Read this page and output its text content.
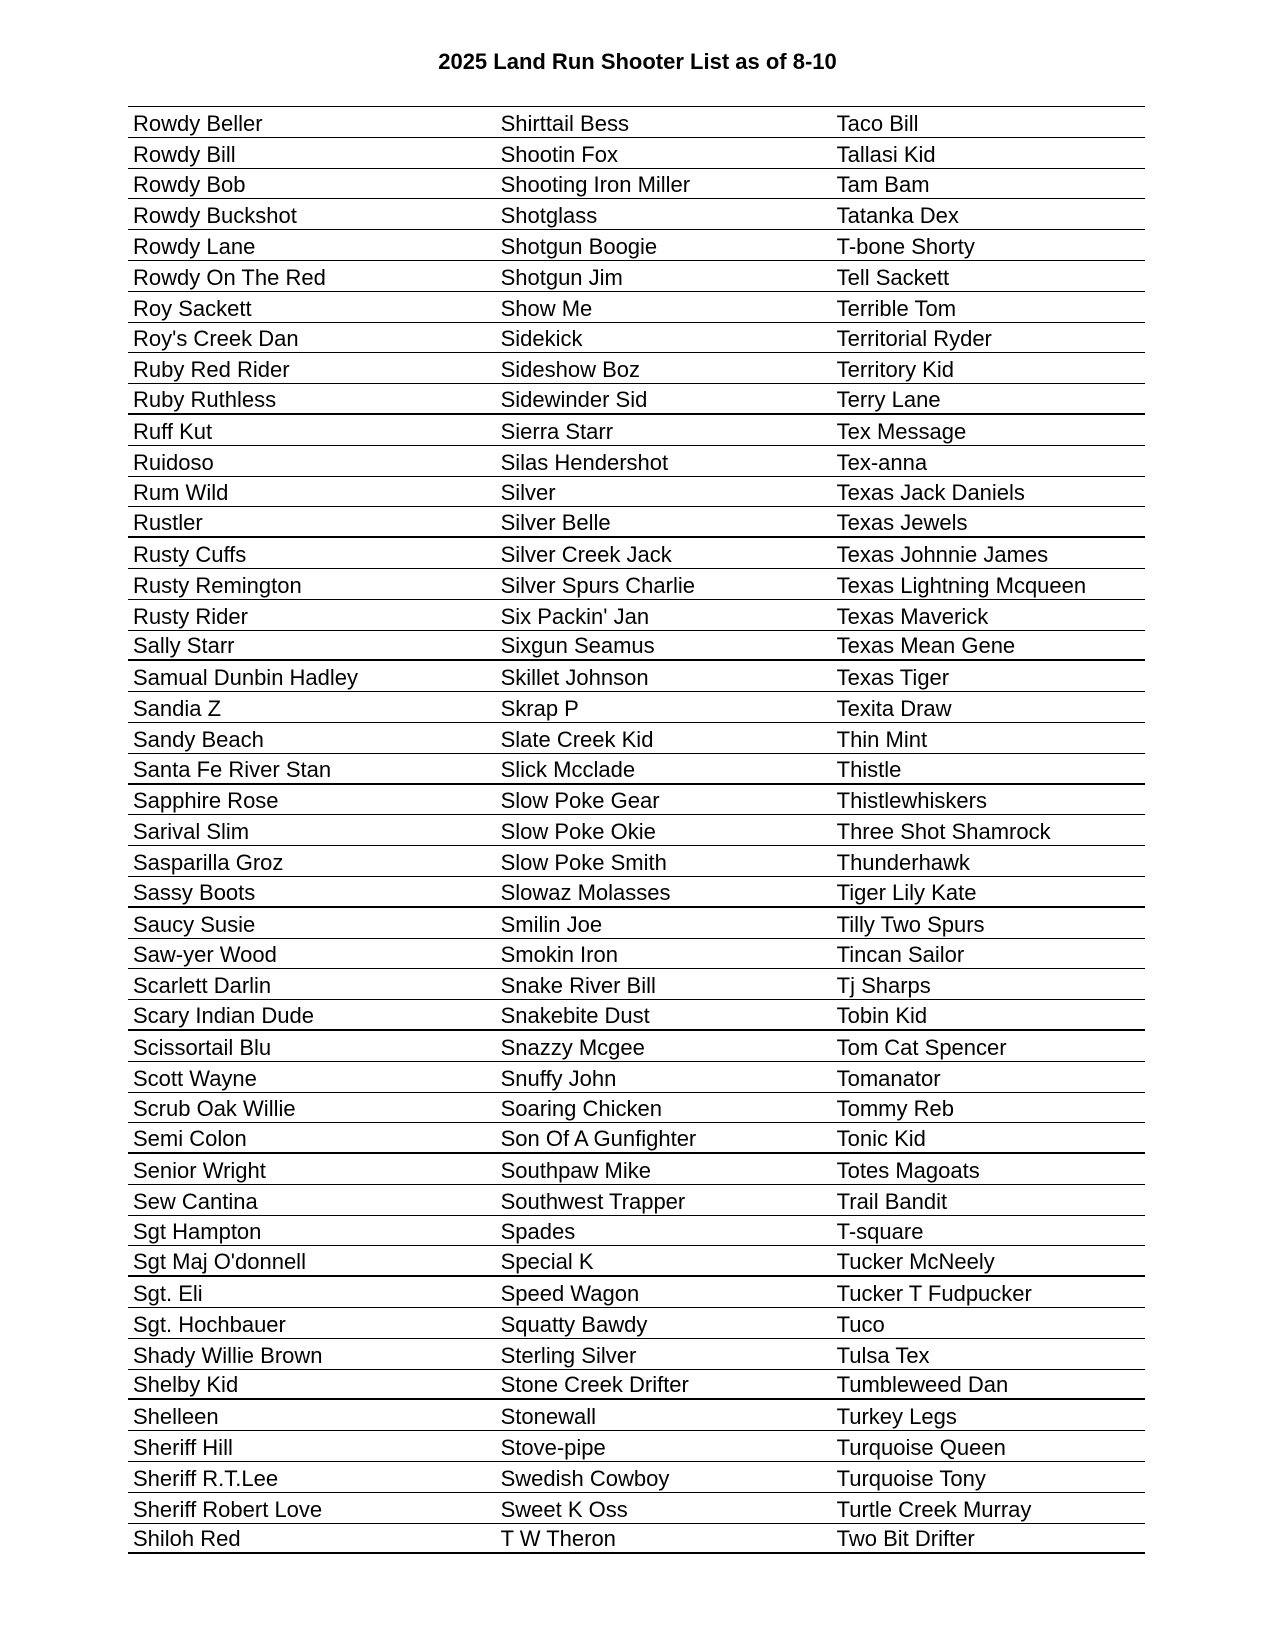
2025 Land Run Shooter List as of 8-10
Rowdy Beller	Shirttail Bess	Taco Bill
Rowdy Bill	Shootin Fox	Tallasi Kid
Rowdy Bob	Shooting Iron Miller	Tam Bam
Rowdy Buckshot	Shotglass	Tatanka Dex
Rowdy Lane	Shotgun Boogie	T-bone Shorty
Rowdy On The Red	Shotgun Jim	Tell Sackett
Roy Sackett	Show Me	Terrible Tom
Roy's Creek Dan	Sidekick	Territorial Ryder
Ruby Red Rider	Sideshow Boz	Territory Kid
Ruby Ruthless	Sidewinder Sid	Terry Lane
Ruff Kut	Sierra Starr	Tex Message
Ruidoso	Silas Hendershot	Tex-anna
Rum Wild	Silver	Texas Jack Daniels
Rustler	Silver Belle	Texas Jewels
Rusty Cuffs	Silver Creek Jack	Texas Johnnie James
Rusty Remington	Silver Spurs Charlie	Texas Lightning Mcqueen
Rusty Rider	Six Packin' Jan	Texas Maverick
Sally Starr	Sixgun Seamus	Texas Mean Gene
Samual Dunbin Hadley	Skillet Johnson	Texas Tiger
Sandia Z	Skrap P	Texita Draw
Sandy Beach	Slate Creek Kid	Thin Mint
Santa Fe River Stan	Slick Mcclade	Thistle
Sapphire Rose	Slow Poke Gear	Thistlewhiskers
Sarival Slim	Slow Poke Okie	Three Shot Shamrock
Sasparilla Groz	Slow Poke Smith	Thunderhawk
Sassy Boots	Slowaz Molasses	Tiger Lily Kate
Saucy Susie	Smilin Joe	Tilly Two Spurs
Saw-yer Wood	Smokin Iron	Tincan Sailor
Scarlett Darlin	Snake River Bill	Tj Sharps
Scary Indian Dude	Snakebite Dust	Tobin Kid
Scissortail Blu	Snazzy Mcgee	Tom Cat Spencer
Scott Wayne	Snuffy John	Tomanator
Scrub Oak Willie	Soaring Chicken	Tommy Reb
Semi Colon	Son Of A Gunfighter	Tonic Kid
Senior Wright	Southpaw Mike	Totes Magoats
Sew Cantina	Southwest Trapper	Trail Bandit
Sgt Hampton	Spades	T-square
Sgt Maj O'donnell	Special K	Tucker McNeely
Sgt. Eli	Speed Wagon	Tucker T Fudpucker
Sgt. Hochbauer	Squatty Bawdy	Tuco
Shady Willie Brown	Sterling Silver	Tulsa Tex
Shelby Kid	Stone Creek Drifter	Tumbleweed Dan
Shelleen	Stonewall	Turkey Legs
Sheriff Hill	Stove-pipe	Turquoise Queen
Sheriff R.T.Lee	Swedish Cowboy	Turquoise Tony
Sheriff Robert Love	Sweet K Oss	Turtle Creek Murray
Shiloh Red	T W Theron	Two Bit Drifter
